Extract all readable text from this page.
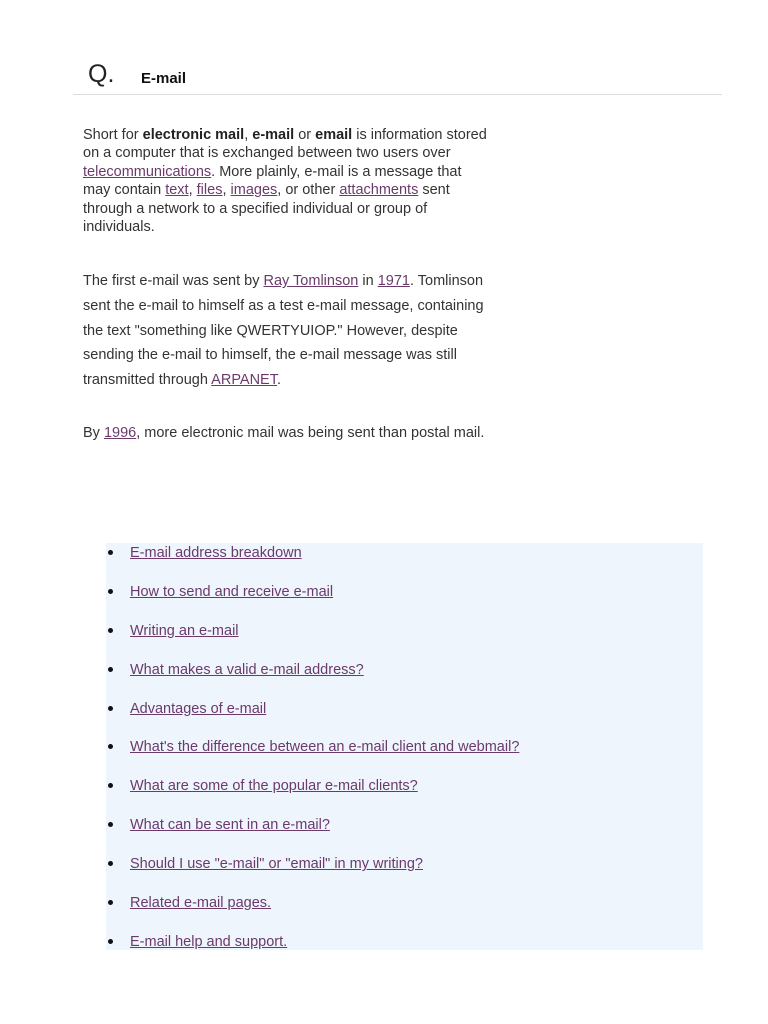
Q. E-mail

Short for electronic mail, e-mail or email is information stored on a computer that is exchanged between two users over telecommunications. More plainly, e-mail is a message that may contain text, files, images, or other attachments sent through a network to a specified individual or group of individuals.

The first e-mail was sent by Ray Tomlinson in 1971. Tomlinson sent the e-mail to himself as a test e-mail message, containing the text "something like QWERTYUIOP." However, despite sending the e-mail to himself, the e-mail message was still transmitted through ARPANET.

By 1996, more electronic mail was being sent than postal mail.

E-mail address breakdown
How to send and receive e-mail
Writing an e-mail
What makes a valid e-mail address?
Advantages of e-mail
What's the difference between an e-mail client and webmail?
What are some of the popular e-mail clients?
What can be sent in an e-mail?
Should I use "e-mail" or "email" in my writing?
Related e-mail pages.
E-mail help and support.
